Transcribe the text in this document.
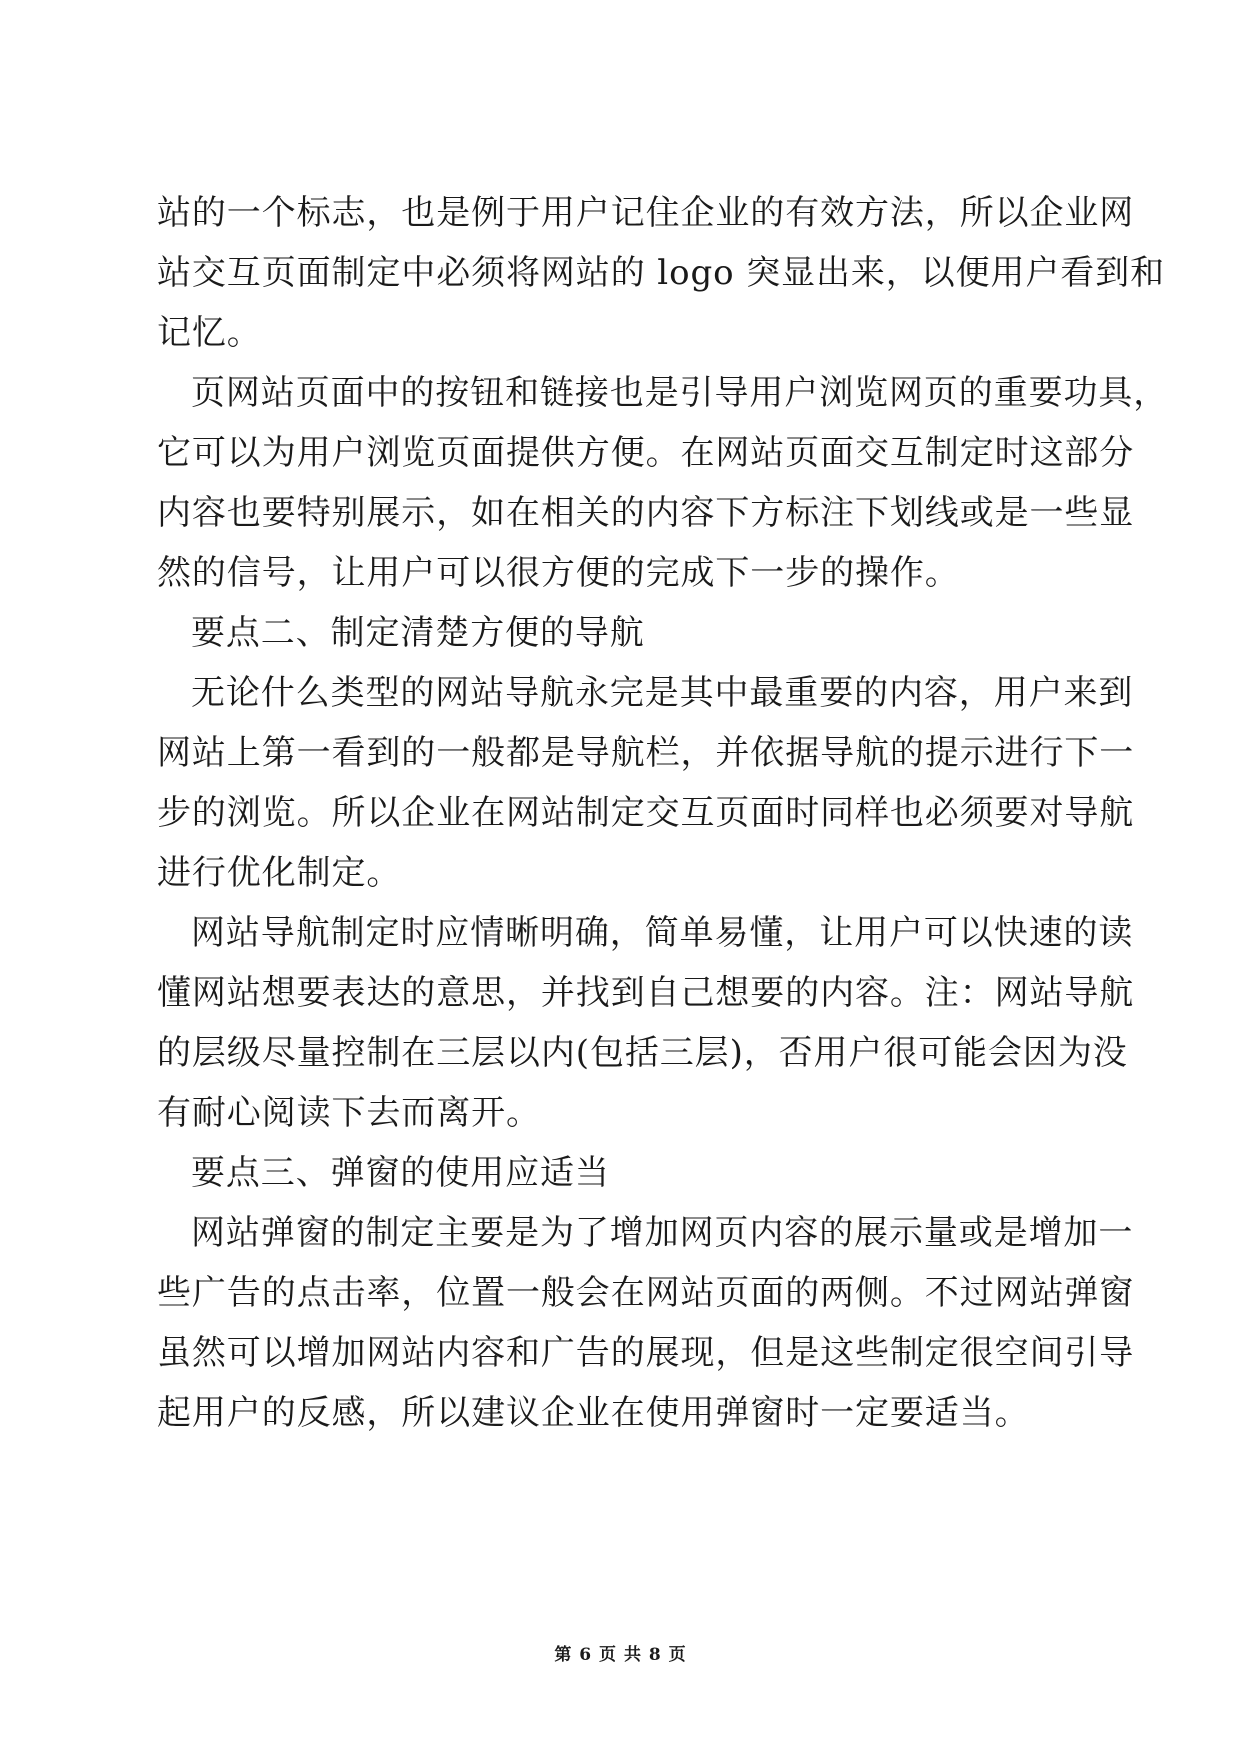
站的一个标志，也是例于用户记住企业的有效方法，所以企业网
站交互页面制定中必须将网站的 logo 突显出来，以便用户看到和
记忆。
页网站页面中的按钮和链接也是引导用户浏览网页的重要功具，
它可以为用户浏览页面提供方便。在网站页面交互制定时这部分
内容也要特别展示，如在相关的内容下方标注下划线或是一些显
然的信号，让用户可以很方便的完成下一步的操作。
要点二、制定清楚方便的导航
无论什么类型的网站导航永完是其中最重要的内容，用户来到
网站上第一看到的一般都是导航栏，并依据导航的提示进行下一
步的浏览。所以企业在网站制定交互页面时同样也必须要对导航
进行优化制定。
网站导航制定时应情晰明确，简单易懂，让用户可以快速的读
懂网站想要表达的意思，并找到自己想要的内容。注：网站导航
的层级尽量控制在三层以内(包括三层)，否用户很可能会因为没
有耐心阅读下去而离开。
要点三、弹窗的使用应适当
网站弹窗的制定主要是为了增加网页内容的展示量或是增加一
些广告的点击率，位置一般会在网站页面的两侧。不过网站弹窗
虽然可以增加网站内容和广告的展现，但是这些制定很空间引导
起用户的反感，所以建议企业在使用弹窗时一定要适当。
第 6 页 共 8 页
